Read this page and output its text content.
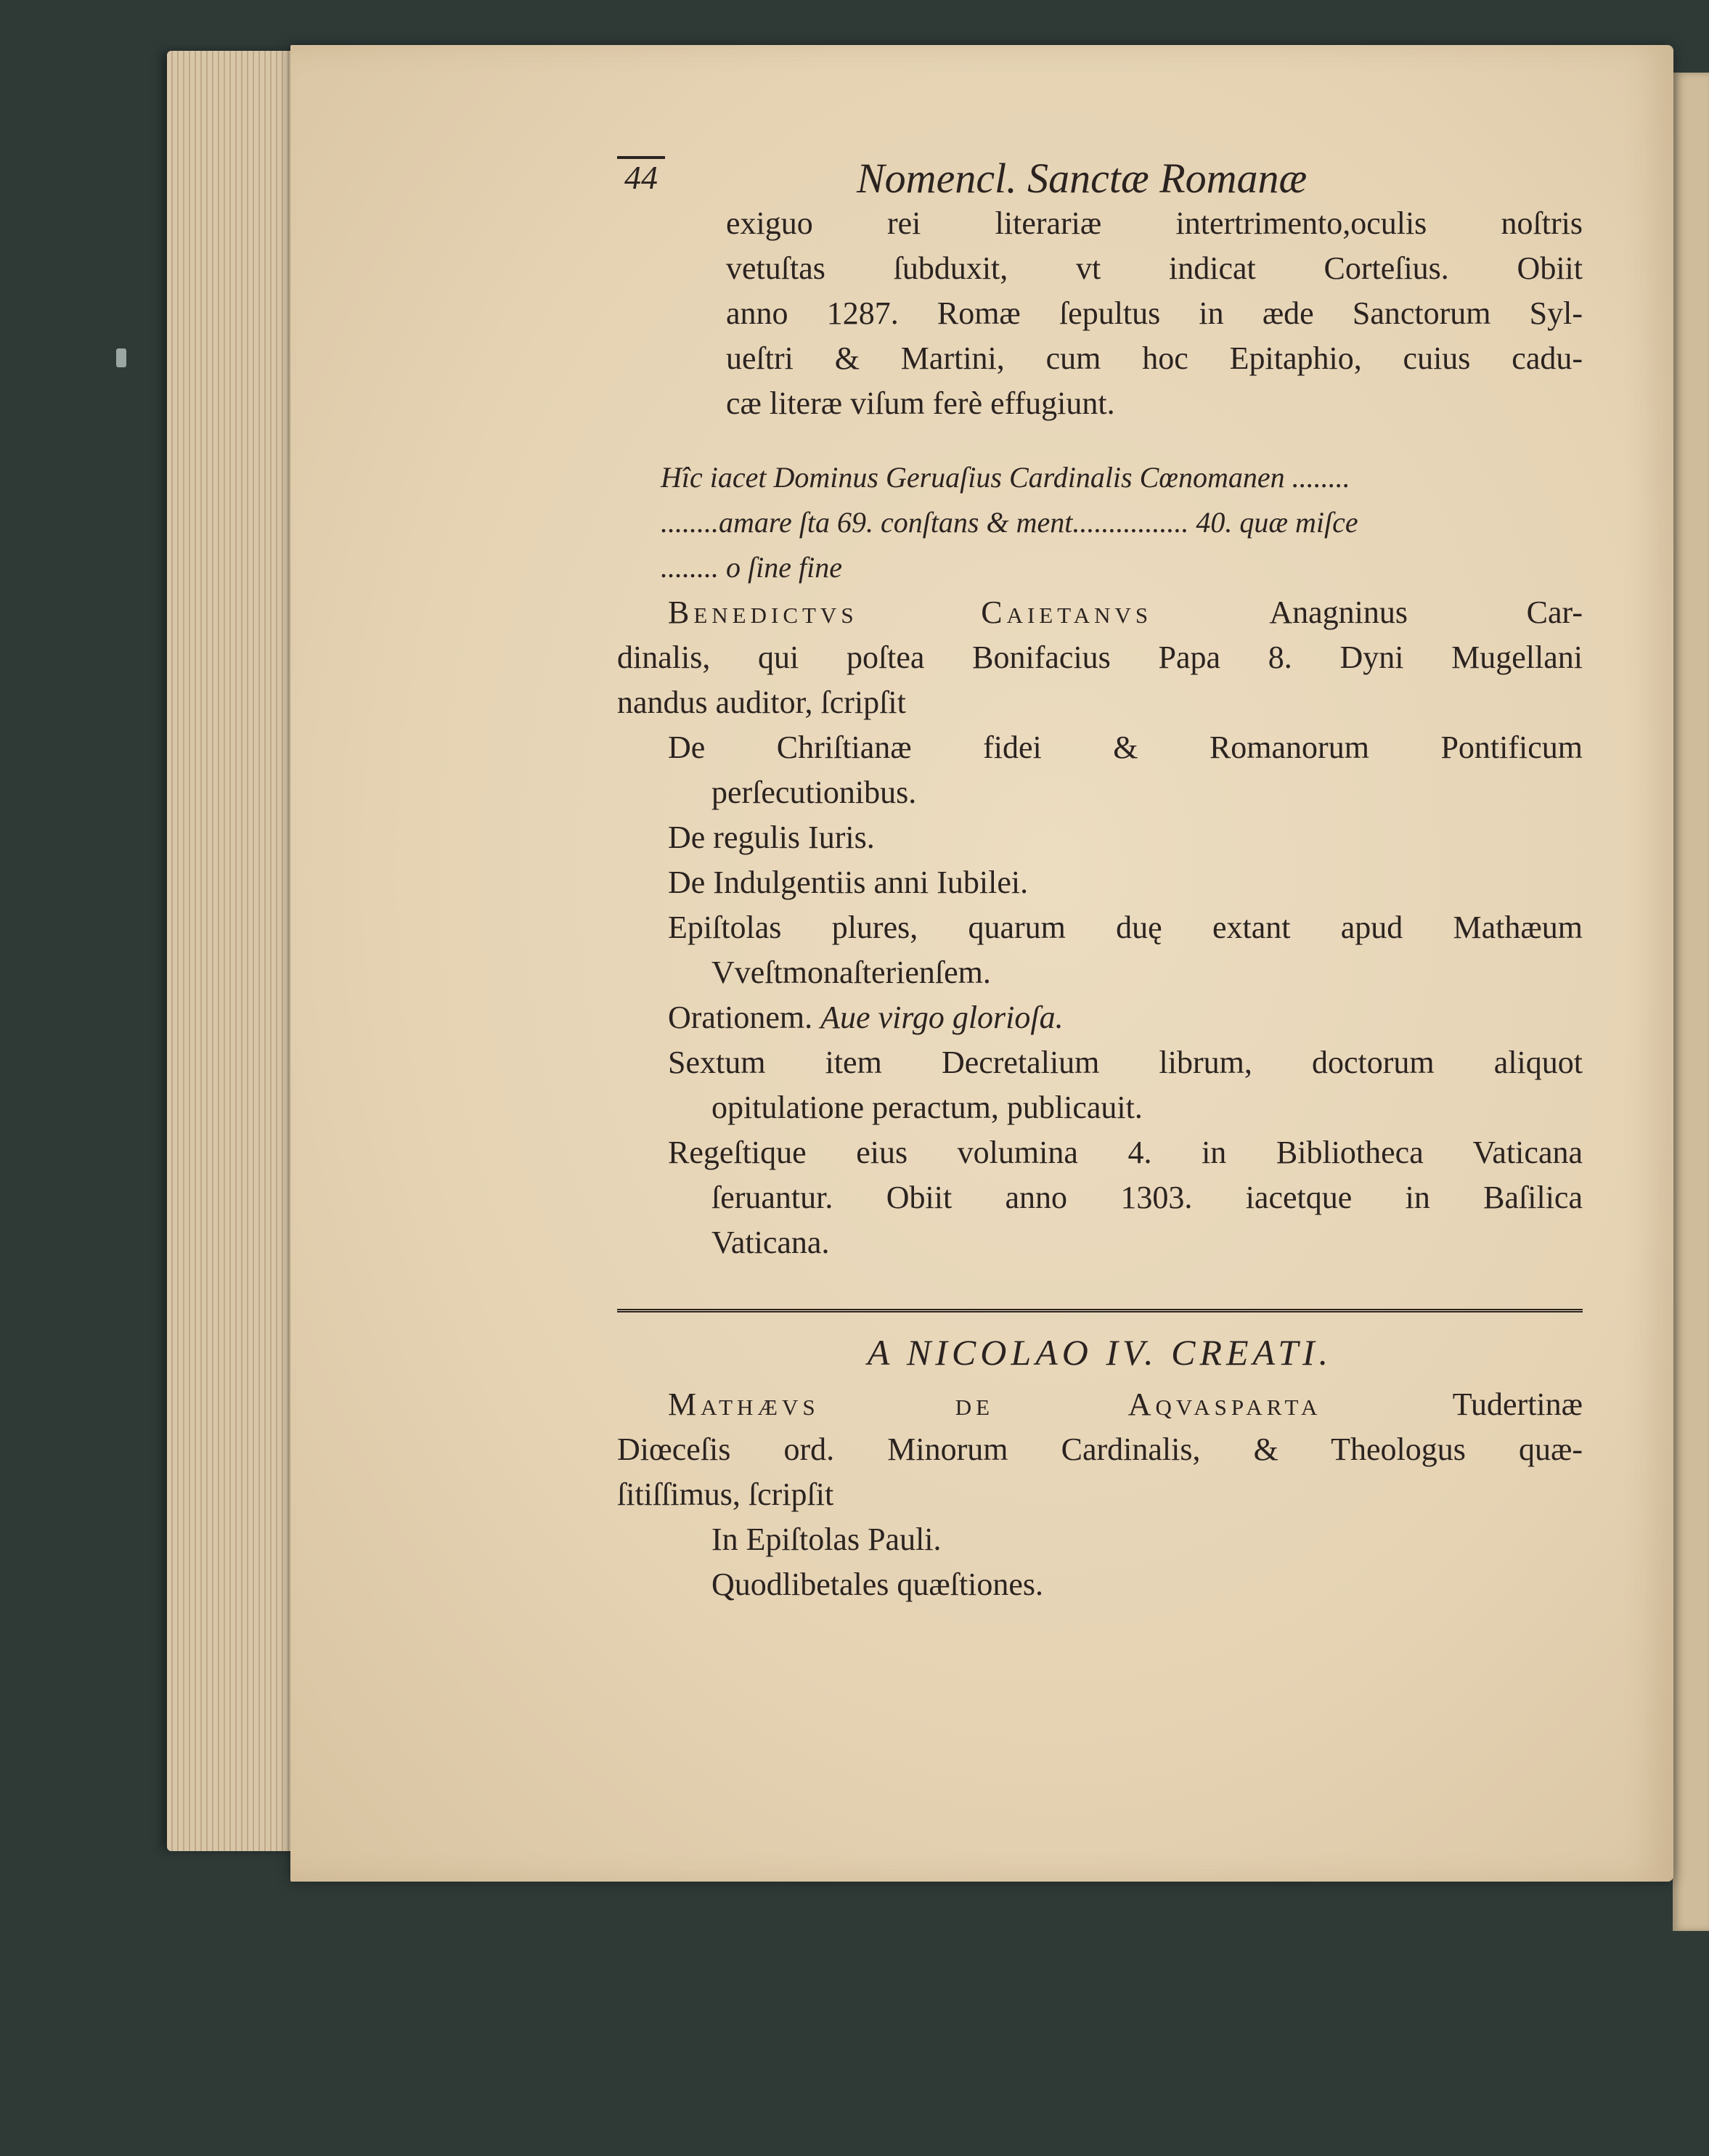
44	Nomencl. Sanctæ Romanæ

exiguo rei literariæ intertrimento,oculis noſtris

vetuſtas ſubduxit, vt indicat Corteſius. Obiit

anno 1287. Romæ ſepultus in æde Sanctorum Syl-

ueſtri & Martini, cum hoc Epitaphio, cuius cadu-

cæ literæ viſum ferè effugiunt.

Hîc iacet Dominus Geruaſius Cardinalis Cœnomanen ........

........amare ſta 69. conſtans & ment................ 40. quæ miſce

........ o ſine fine

Benedictvs Caietanvs Anagninus Car-

dinalis, qui poſtea Bonifacius Papa 8. Dyni Mugellani

nandus auditor, ſcripſit

De Chriſtianæ fidei & Romanorum Pontificum

perſecutionibus.

De regulis Iuris.

De Indulgentiis anni Iubilei.

Epiſtolas plures, quarum duę extant apud Mathæum

Vveſtmonaſterienſem.

Orationem. Aue virgo glorioſa.

Sextum item Decretalium librum, doctorum aliquot

opitulatione peractum, publicauit.

Regeſtique eius volumina 4. in Bibliotheca Vaticana

ſeruantur. Obiit anno 1303. iacetque in Baſilica

Vaticana.

A NICOLAO IV. CREATI.

Mathævs de Aqvasparta Tudertinæ

Diœceſis ord. Minorum Cardinalis, & Theologus quæ-

ſitiſſimus, ſcripſit

In Epiſtolas Pauli.

Quodlibetales quæſtiones.
